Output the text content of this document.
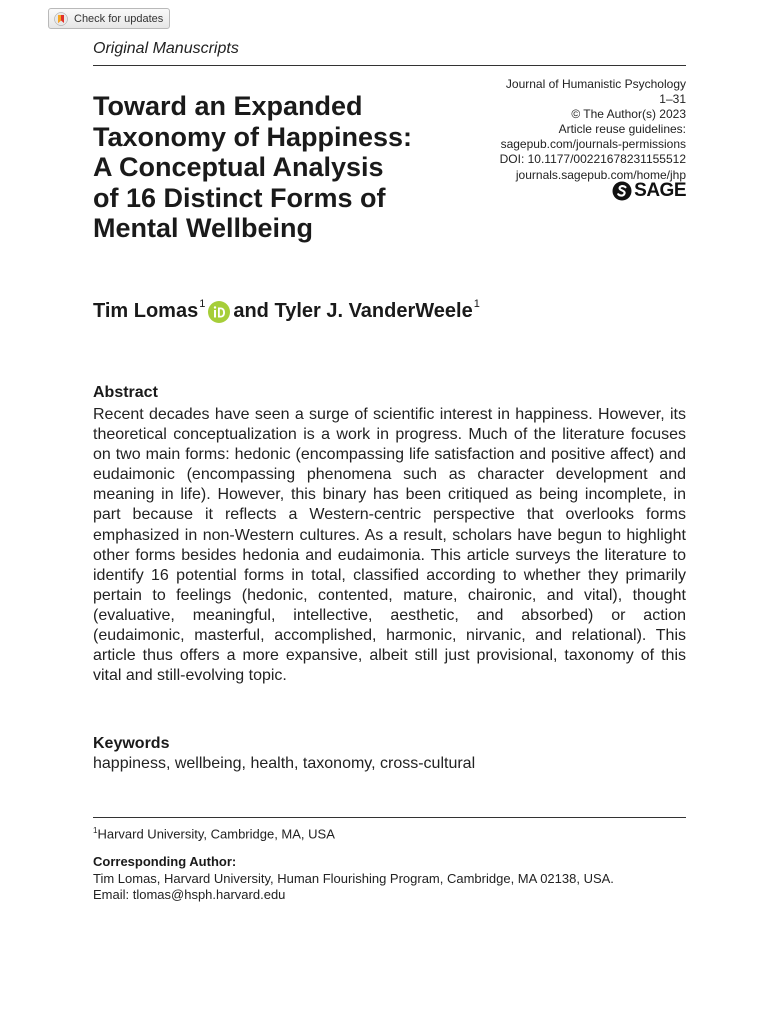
Check for updates
Original Manuscripts
Journal of Humanistic Psychology
1–31
© The Author(s) 2023
Article reuse guidelines:
sagepub.com/journals-permissions
DOI: 10.1177/00221678231155512
journals.sagepub.com/home/jhp
SAGE
Toward an Expanded
Taxonomy of Happiness:
A Conceptual Analysis
of 16 Distinct Forms of
Mental Wellbeing
Tim Lomas$^1$ and Tyler J. VanderWeele$^1$
Abstract
Recent decades have seen a surge of scientific interest in happiness. However, its theoretical conceptualization is a work in progress. Much of the literature focuses on two main forms: hedonic (encompassing life satisfaction and positive affect) and eudaimonic (encompassing phenomena such as character development and meaning in life). However, this binary has been critiqued as being incomplete, in part because it reflects a Western-centric perspective that overlooks forms emphasized in non-Western cultures. As a result, scholars have begun to highlight other forms besides hedonia and eudaimonia. This article surveys the literature to identify 16 potential forms in total, classified according to whether they primarily pertain to feelings (hedonic, contented, mature, chaironic, and vital), thought (evaluative, meaningful, intellective, aesthetic, and absorbed) or action (eudaimonic, masterful, accomplished, harmonic, nirvanic, and relational). This article thus offers a more expansive, albeit still just provisional, taxonomy of this vital and still-evolving topic.
Keywords
happiness, wellbeing, health, taxonomy, cross-cultural
$^1$Harvard University, Cambridge, MA, USA
Corresponding Author:
Tim Lomas, Harvard University, Human Flourishing Program, Cambridge, MA 02138, USA.
Email: tlomas@hsph.harvard.edu
